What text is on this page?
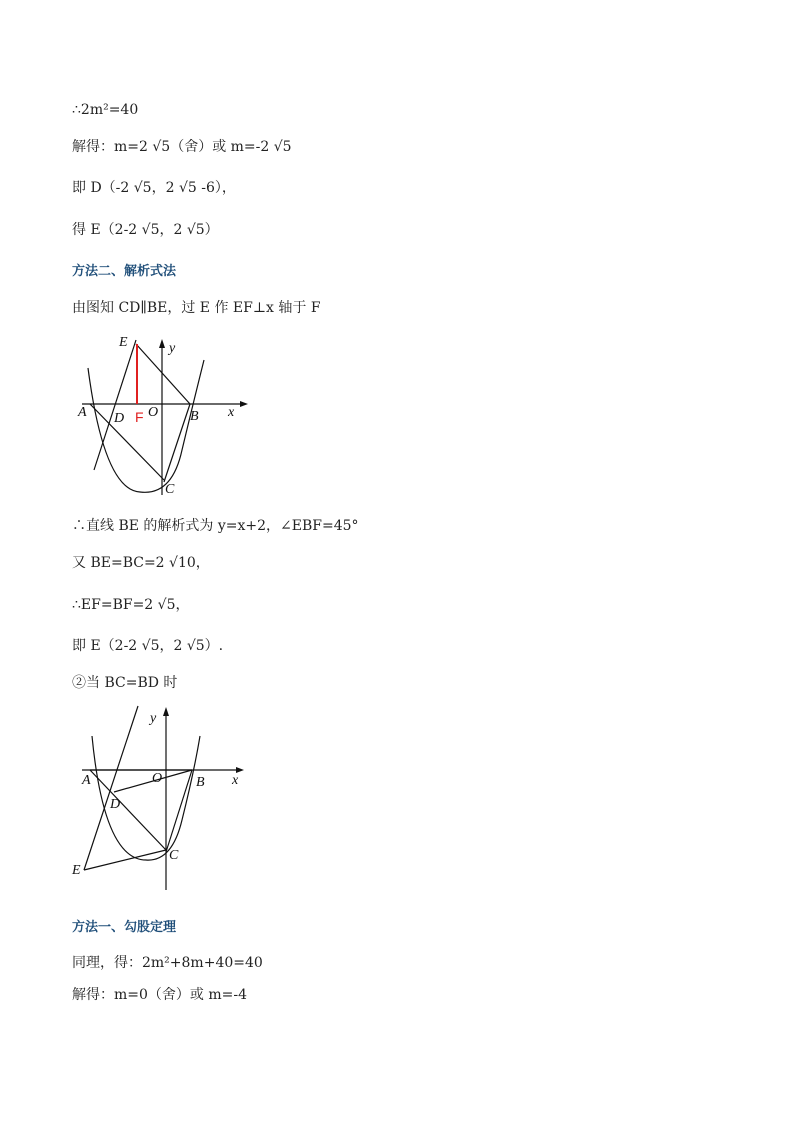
∴2m²=40
解得：m=2 √5（舍）或 m=-2 √5
即 D（-2 √5，2 √5 -6），
得 E（2-2 √5，2 √5）
方法二、解析式法
由图知 CD∥BE，过 E 作 EF⊥x 轴于 F
E	y
A D F O B x
C
∴直线 BE 的解析式为 y=x+2，∠EBF=45°
又 BE=BC=2 √10，
∴EF=BF=2 √5，
即 E（2-2 √5，2 √5）.
②当 BC=BD 时
y
A	O B x
D
C
E
方法一、勾股定理
同理，得：2m²+8m+40=40
解得：m=0（舍）或 m=-4
